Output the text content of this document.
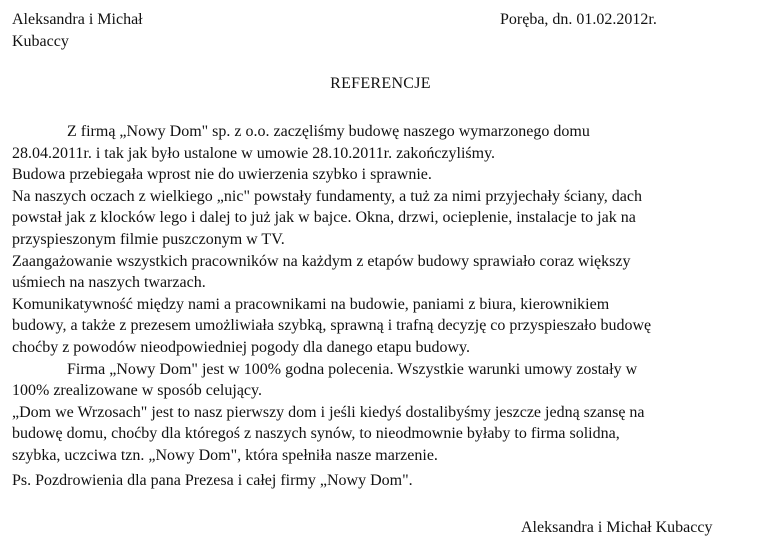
Aleksandra i Michał
Kubaccy
Poręba, dn. 01.02.2012r.
REFERENCJE
Z firmą „Nowy Dom" sp. z o.o. zaczęliśmy budowę naszego wymarzonego domu
28.04.2011r. i tak jak było ustalone w umowie 28.10.2011r. zakończyliśmy.
Budowa przebiegała wprost nie do uwierzenia szybko i sprawnie.
Na naszych oczach z wielkiego „nic" powstały fundamenty, a tuż za nimi przyjechały ściany, dach
powstał jak z klocków lego i dalej to już jak w bajce. Okna, drzwi, ocieplenie, instalacje to jak na
przyspieszonym filmie puszczonym w TV.
Zaangażowanie wszystkich pracowników na każdym z etapów budowy sprawiało coraz większy
uśmiech na naszych twarzach.
Komunikatywność między nami a pracownikami na budowie, paniami z biura, kierownikiem
budowy, a także z prezesem umożliwiała szybką, sprawną i trafną decyzję co przyspieszało budowę
choćby z powodów nieodpowiedniej pogody dla danego etapu budowy.
Firma „Nowy Dom" jest w 100% godna polecenia. Wszystkie warunki umowy zostały w
100% zrealizowane w sposób celujący.
„Dom we Wrzosach" jest to nasz pierwszy dom i jeśli kiedyś dostalibyśmy jeszcze jedną szansę na
budowę domu, choćby dla któregoś z naszych synów, to nieodmownie byłaby to firma solidna,
szybka, uczciwa tzn. „Nowy Dom", która spełniła nasze marzenie.
Ps. Pozdrowienia dla pana Prezesa i całej firmy „Nowy Dom".
Aleksandra i Michał Kubaccy
